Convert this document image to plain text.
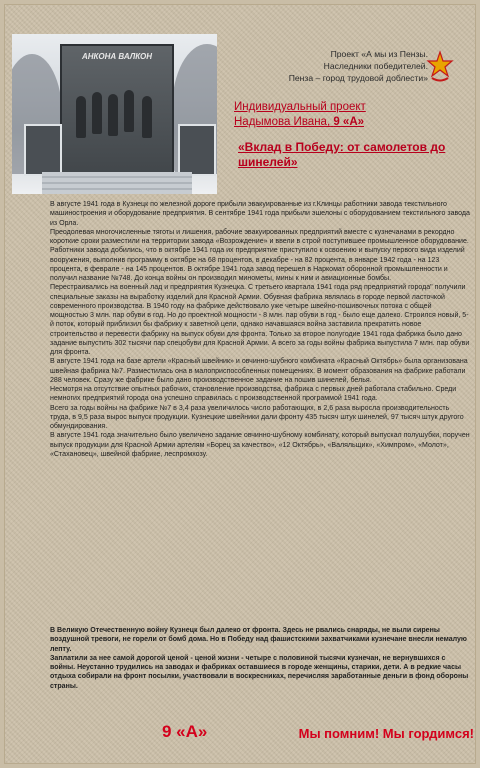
АНКОНА ВАЛКОН	Проект «А мы из Пензы.
Наследники победителей.
Пенза – город трудовой доблести»
Индивидуальный проект
Надымова Ивана, 9 «А»
«Вклад в Победу: от самолетов до шинелей»

В августе 1941 года в Кузнецк по железной дороге прибыли эвакуированные из г.Клинцы работники завода текстильного машиностроения и оборудование предприятия. В сентябре 1941 года прибыли эшелоны с оборудованием текстильного завода из Орла.

Преодолевая многочисленные тяготы и лишения, рабочие эвакуированных предприятий вместе с кузнечанами в рекордно короткие сроки разместили на территории завода «Возрождение» и ввели в строй поступившее промышленное оборудование.

Работники завода добились, что в октябре 1941 года их предприятие приступило к освоению и выпуску первого вида изделий вооружения, выполнив программу в октябре на 68 процентов, в декабре - на 82 процента, в январе 1942 года - на 123 процента, в феврале - на 145 процентов. В октябре 1941 года завод перешел в Наркомат оборонной промышленности и получил название №748. До конца войны он производил минометы, мины к ним и авиационные бомбы.

Перестраивались на военный лад и предприятия Кузнецка. С третьего квартала 1941 года ряд предприятий города" получили специальные заказы на выработку изделий для Красной Армии. Обувная фабрика являлась в городе первой ласточкой современного производства. В 1940 году на фабрике действовало уже четыре швейно-пошивочных потока с общей мощностью 3 млн. пар обуви в год. Но до проектной мощности - 8 млн. пар обуви в год - было еще далеко. Строился новый, 5-й поток, который приблизил бы фабрику к заветной цели, однако начавшаяся война заставила прекратить новое строительство и перевести фабрику на выпуск обуви для фронта. Только за второе полугодие 1941 года фабрика было дано задание выпустить 302 тысячи пар спецобуви для Красной Армии. А всего за годы войны фабрика выпустила 7 млн. пар обуви для фронта.

В августе 1941 года на базе артели «Красный швейник» и овчинно-шубного комбината «Красный Октябрь» была организована швейная фабрика №7. Разместилась она в малоприспособленных помещениях. В момент образования на фабрике работали 288 человек. Сразу же фабрике было дано производственное задание на пошив шинелей, белья.

Несмотря на отсутствие опытных рабочих, становление производства, фабрика с первых дней работала стабильно. Среди немногих предприятий города она успешно справилась с производственной программой 1941 года.

Всего за годы войны на фабрике №7 в 3,4 раза увеличилось число работающих, в 2,6 раза выросла производительность труда, в 9,5 раза вырос выпуск продукции. Кузнецкие швейники дали фронту 435 тысяч штук шинелей, 97 тысяч штук другого обмундирования.

В августе 1941 года значительно было увеличено задание овчинно-шубному комбинату, который выпускал полушубки, поручен выпуск продукции для Красной Армии артелям «Борец за качество», «12 Октябрь», «Валяльщик», «Химпром», «Молот», «Стахановец», швейной фабрике, леспромхозу.

В Великую Отечественную войну Кузнецк был далеко от фронта. Здесь не рвались снаряды, не выли сирены воздушной тревоги, не горели от бомб дома. Но в Победу над фашистскими захватчиками кузнечане внесли немалую лепту.

Заплатили за нее самой дорогой ценой - ценой жизни - четыре с половиной тысячи кузнечан, не вернувшихся с войны. Неустанно трудились на заводах и фабриках оставшиеся в городе женщины, старики, дети. А в редкие часы отдыха собирали на фронт посылки, участвовали в воскресниках, перечисляя заработанные деньги в фонд обороны страны.

9 «А»	Мы помним! Мы гордимся!
